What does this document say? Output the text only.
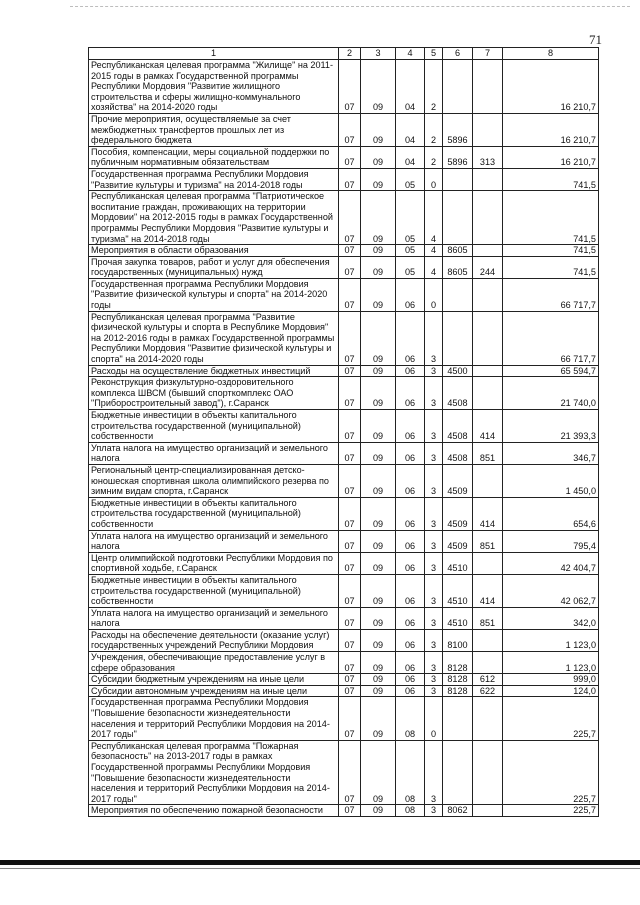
71
1	2	3	4	5	6	7	8
Республиканская целевая программа "Жилище" на 2011-2015 годы в рамках Государственной программы Республики Мордовия "Развитие жилищного строительства и сферы жилищно-коммунального хозяйства" на 2014-2020 годы	07	09	04	2			16 210,7
Прочие мероприятия, осуществляемые за счет межбюджетных трансфертов прошлых лет из федерального бюджета	07	09	04	2	5896		16 210,7
Пособия, компенсации, меры социальной поддержки по публичным нормативным обязательствам	07	09	04	2	5896	313	16 210,7
Государственная программа Республики Мордовия "Развитие культуры и туризма" на 2014-2018 годы	07	09	05	0			741,5
Республиканская целевая программа "Патриотическое воспитание граждан, проживающих на территории Мордовии" на 2012-2015 годы в рамках Государственной программы Республики Мордовия "Развитие культуры и туризма" на 2014-2018 годы	07	09	05	4			741,5
Мероприятия в области образования	07	09	05	4	8605		741,5
Прочая закупка товаров, работ и услуг для обеспечения государственных (муниципальных) нужд	07	09	05	4	8605	244	741,5
Государственная программа Республики Мордовия "Развитие физической культуры и спорта" на 2014-2020 годы	07	09	06	0			66 717,7
Республиканская целевая программа "Развитие физической культуры и спорта в Республике Мордовия" на 2012-2016 годы в рамках Государственной программы Республики Мордовия "Развитие физической культуры и спорта" на 2014-2020 годы	07	09	06	3			66 717,7
Расходы на осуществление бюджетных инвестиций	07	09	06	3	4500		65 594,7
Реконструкция физкультурно-оздоровительного комплекса ШВСМ (бывший спорткомплекс ОАО "Приборостроительный завод"), г.Саранск	07	09	06	3	4508		21 740,0
Бюджетные инвестиции в объекты капитального строительства государственной (муниципальной) собственности	07	09	06	3	4508	414	21 393,3
Уплата налога на имущество организаций и земельного налога	07	09	06	3	4508	851	346,7
Региональный центр-специализированная детско-юношеская спортивная школа олимпийского резерва по зимним видам спорта, г.Саранск	07	09	06	3	4509		1 450,0
Бюджетные инвестиции в объекты капитального строительства государственной (муниципальной) собственности	07	09	06	3	4509	414	654,6
Уплата налога на имущество организаций и земельного налога	07	09	06	3	4509	851	795,4
Центр олимпийской подготовки Республики Мордовия по спортивной ходьбе, г.Саранск	07	09	06	3	4510		42 404,7
Бюджетные инвестиции в объекты капитального строительства государственной (муниципальной) собственности	07	09	06	3	4510	414	42 062,7
Уплата налога на имущество организаций и земельного налога	07	09	06	3	4510	851	342,0
Расходы на обеспечение деятельности (оказание услуг) государственных учреждений Республики Мордовия	07	09	06	3	8100		1 123,0
Учреждения, обеспечивающие предоставление услуг в сфере образования	07	09	06	3	8128		1 123,0
Субсидии бюджетным учреждениям на иные цели	07	09	06	3	8128	612	999,0
Субсидии автономным учреждениям на иные цели	07	09	06	3	8128	622	124,0
Государственная программа Республики Мордовия "Повышение безопасности жизнедеятельности населения и территорий Республики Мордовия на 2014-2017 годы"	07	09	08	0			225,7
Республиканская целевая программа "Пожарная безопасность" на 2013-2017 годы в рамках Государственной программы Республики Мордовия "Повышение безопасности жизнедеятельности населения и территорий Республики Мордовия на 2014-2017 годы"	07	09	08	3			225,7
Мероприятия по обеспечению пожарной безопасности	07	09	08	3	8062		225,7
